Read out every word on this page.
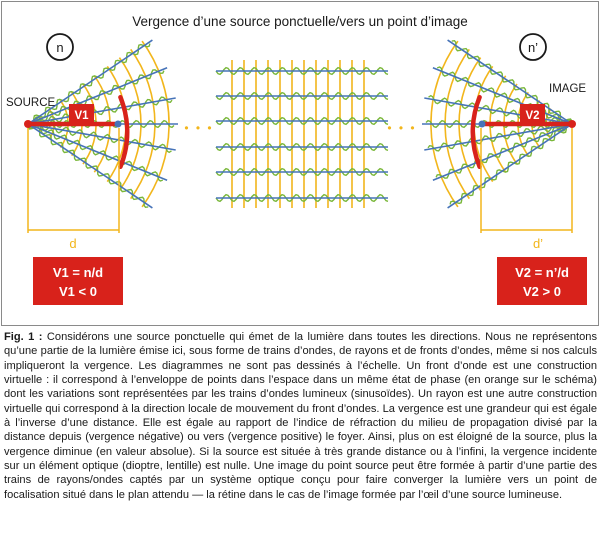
Vergence d’une source ponctuelle/vers un point d’image
n	n’
V1
SOURCE
V2
IMAGE
• • •	• • •
d	d’
V1 = n/d
V1 < 0
V2 = n’/d
V2 > 0
Fig. 1 : Considérons une source ponctuelle qui émet de la lumière dans toutes les directions. Nous ne représentons qu’une partie de la lumière émise ici, sous forme de trains d’ondes, de rayons et de fronts d’ondes, même si nos calculs impliqueront la vergence. Les diagrammes ne sont pas dessinés à l’échelle. Un front d’onde est une construction virtuelle : il correspond à l’enveloppe de points dans l’espace dans un même état de phase (en orange sur le schéma) dont les variations sont représentées par les trains d’ondes lumineux (sinusoïdes). Un rayon est une autre construction virtuelle qui correspond à la direction locale de mouvement du front d’ondes. La vergence est une grandeur qui est égale à l’inverse d’une distance. Elle est égale au rapport de l’indice de réfraction du milieu de propagation divisé par la distance depuis (vergence négative) ou vers (vergence positive) le foyer. Ainsi, plus on est éloigné de la source, plus la vergence diminue (en valeur absolue). Si la source est située à très grande distance ou à l’infini, la vergence incidente sur un élément optique (dioptre, lentille) est nulle. Une image du point source peut être formée à partir d’une partie des trains de rayons/ondes captés par un système optique conçu pour faire converger la lumière vers un point de focalisation situé dans le plan attendu — la rétine dans le cas de l’image formée par l’œil d’une source lumineuse.
